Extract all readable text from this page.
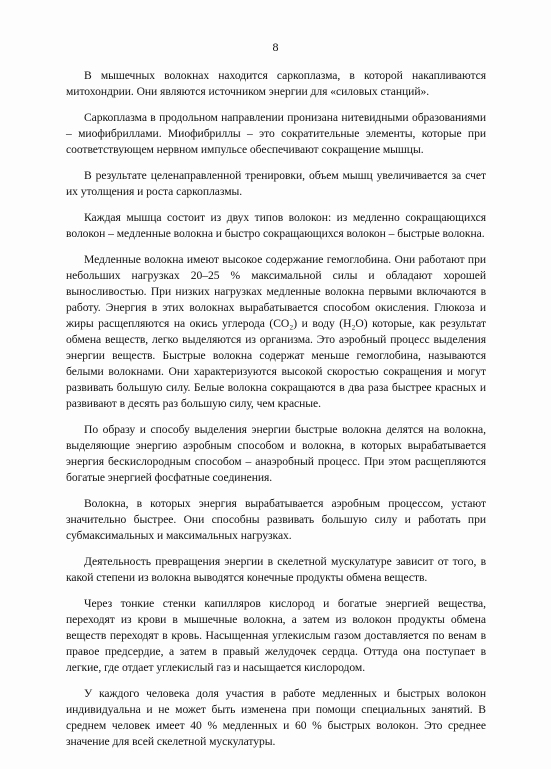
8

В мышечных волокнах находится саркоплазма, в которой накапливаются митохондрии. Они являются источником энергии для «силовых станций».

Саркоплазма в продольном направлении пронизана нитевидными образованиями – миофибриллами. Миофибриллы – это сократительные элементы, которые при соответствующем нервном импульсе обеспечивают сокращение мышцы.

В результате целенаправленной тренировки, объем мышц увеличивается за счет их утолщения и роста саркоплазмы.

Каждая мышца состоит из двух типов волокон: из медленно сокращающихся волокон – медленные волокна и быстро сокращающихся волокон – быстрые волокна.

Медленные волокна имеют высокое содержание гемоглобина. Они работают при небольших нагрузках 20–25 % максимальной силы и обладают хорошей выносливостью. При низких нагрузках медленные волокна первыми включаются в работу. Энергия в этих волокнах вырабатывается способом окисления. Глюкоза и жиры расщепляются на окись углерода (CO₂) и воду (H₂O) которые, как результат обмена веществ, легко выделяются из организма. Это аэробный процесс выделения энергии веществ. Быстрые волокна содержат меньше гемоглобина, называются белыми волокнами. Они характеризуются высокой скоростью сокращения и могут развивать большую силу. Белые волокна сокращаются в два раза быстрее красных и развивают в десять раз большую силу, чем красные.

По образу и способу выделения энергии быстрые волокна делятся на волокна, выделяющие энергию аэробным способом и волокна, в которых вырабатывается энергия бескислородным способом – анаэробный процесс. При этом расщепляются богатые энергией фосфатные соединения.

Волокна, в которых энергия вырабатывается аэробным процессом, устают значительно быстрее. Они способны развивать большую силу и работать при субмаксимальных и максимальных нагрузках.

Деятельность превращения энергии в скелетной мускулатуре зависит от того, в какой степени из волокна выводятся конечные продукты обмена веществ.

Через тонкие стенки капилляров кислород и богатые энергией вещества, переходят из крови в мышечные волокна, а затем из волокон продукты обмена веществ переходят в кровь. Насыщенная углекислым газом доставляется по венам в правое предсердие, а затем в правый желудочек сердца. Оттуда она поступает в легкие, где отдает углекислый газ и насыщается кислородом.

У каждого человека доля участия в работе медленных и быстрых волокон индивидуальна и не может быть изменена при помощи специальных занятий. В среднем человек имеет 40 % медленных и 60 % быстрых волокон. Это среднее значение для всей скелетной мускулатуры.
